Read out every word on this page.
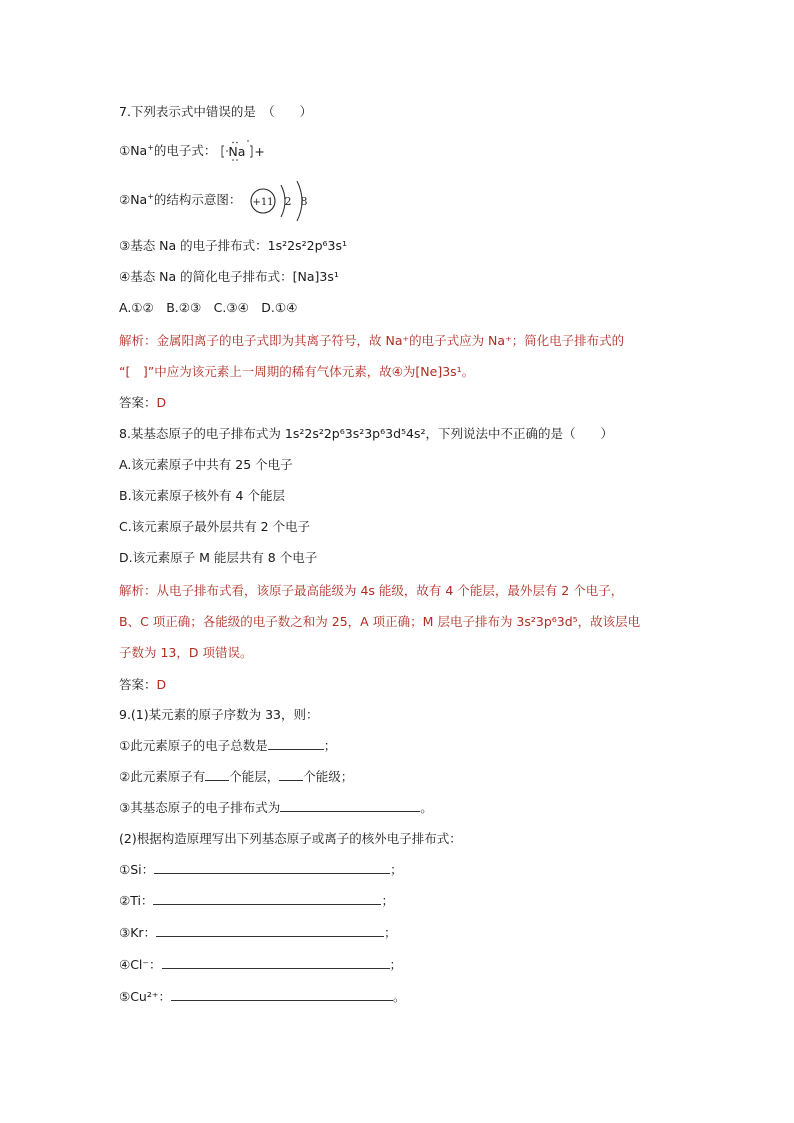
7.下列表示式中错误的是　（　　）
①Na+的电子式： Na +
②Na+的结构示意图： +11 2 8
③基态 Na 的电子排布式：1s²2s²2p⁶3s¹
④基态 Na 的简化电子排布式：[Na]3s¹
A.①②　B.②③　C.③④　D.①④
解析：金属阳离子的电子式即为其离子符号，故 Na⁺的电子式应为 Na⁺；简化电子排布式的
“[　]”中应为该元素上一周期的稀有气体元素，故④为[Ne]3s¹。
答案：D
8.某基态原子的电子排布式为 1s²2s²2p⁶3s²3p⁶3d⁵4s²，下列说法中不正确的是（　　）
A.该元素原子中共有 25 个电子
B.该元素原子核外有 4 个能层
C.该元素原子最外层共有 2 个电子
D.该元素原子 M 能层共有 8 个电子
解析：从电子排布式看，该原子最高能级为 4s 能级，故有 4 个能层，最外层有 2 个电子，
B、C 项正确；各能级的电子数之和为 25，A 项正确；M 层电子排布为 3s²3p⁶3d⁵，故该层电
子数为 13，D 项错误。
答案：D
9.(1)某元素的原子序数为 33，则：
①此元素原子的电子总数是	；
②此元素原子有 个能层， 个能级；
③其基态原子的电子排布式为	。
(2)根据构造原理写出下列基态原子或离子的核外电子排布式：
①Si：	；
②Ti：	；
③Kr：	；
④Cl⁻：	；
⑤Cu²⁺：	。
